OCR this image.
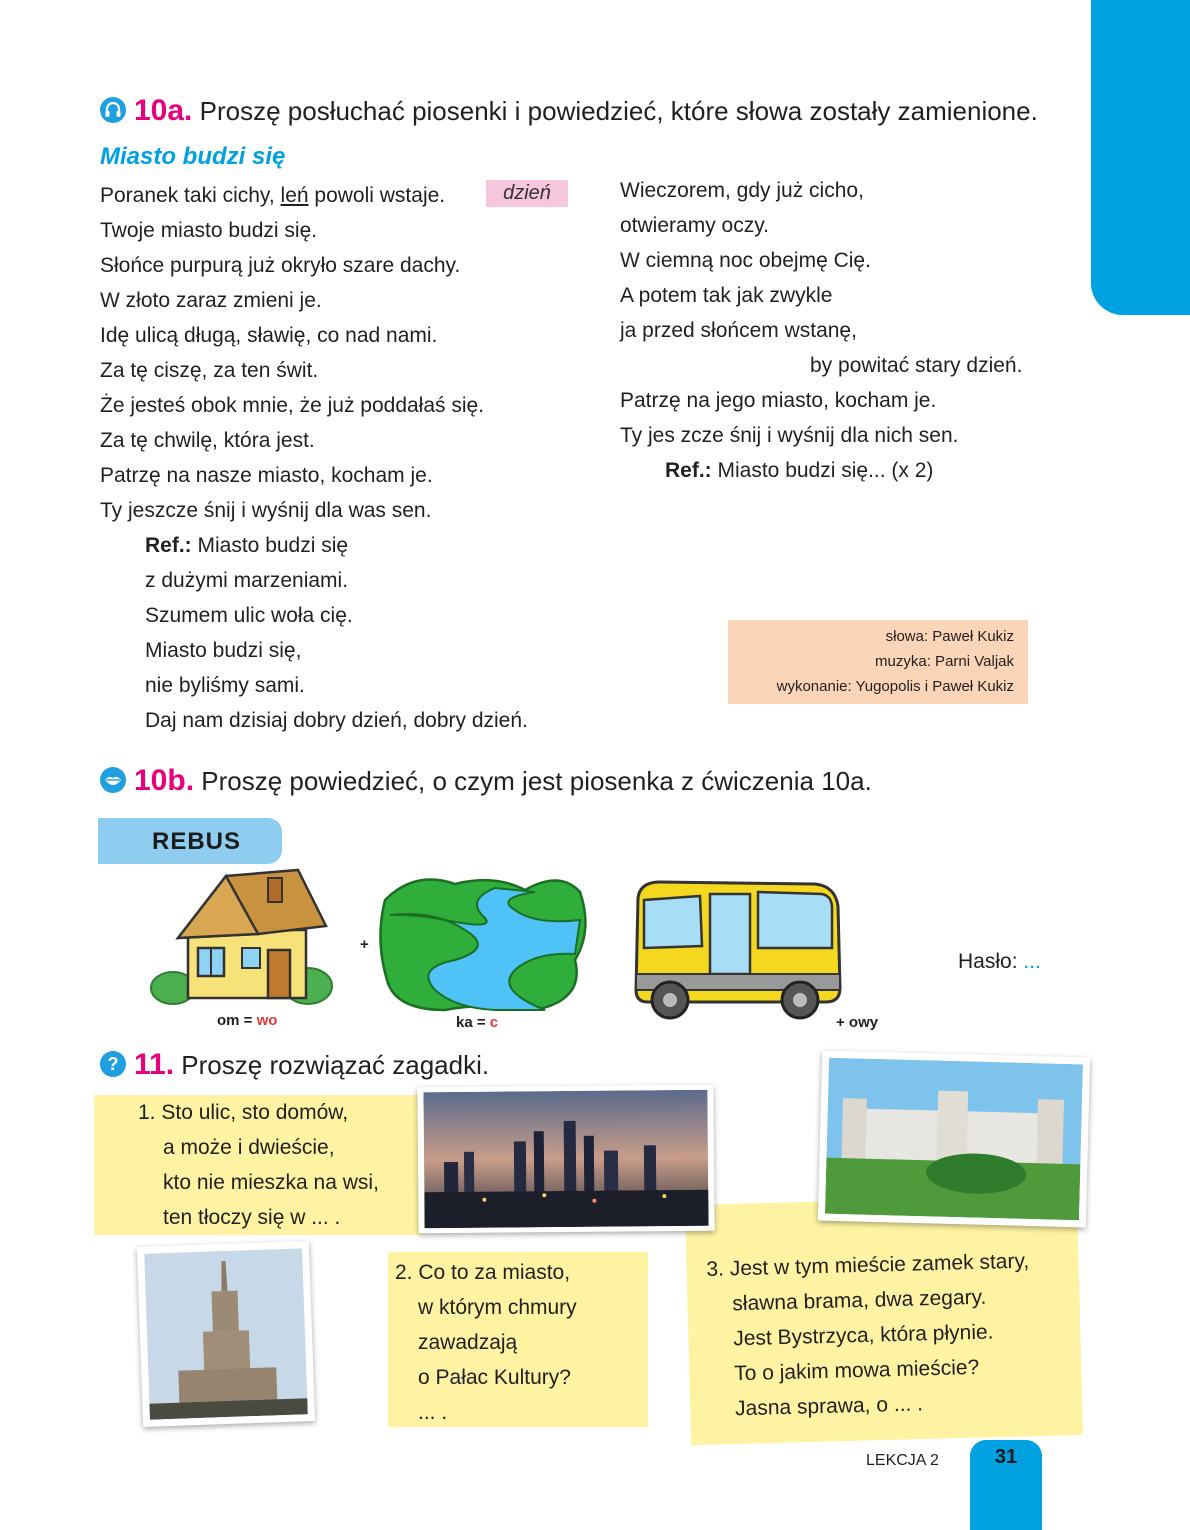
10a. Proszę posłuchać piosenki i powiedzieć, które słowa zostały zamienione.
Miasto budzi się
Poranek taki cichy, leń powoli wstaje.	dzień
Twoje miasto budzi się.
Słońce purpurą już okryło szare dachy.
W złoto zaraz zmieni je.
Idę ulicą długą, sławię, co nad nami.
Za tę ciszę, za ten świt.
Że jesteś obok mnie, że już poddałaś się.
Za tę chwilę, która jest.
Patrzę na nasze miasto, kocham je.
Ty jeszcze śnij i wyśnij dla was sen.
Ref.: Miasto budzi się
z dużymi marzeniami.
Szumem ulic woła cię.
Miasto budzi się,
nie byliśmy sami.
Daj nam dzisiaj dobry dzień, dobry dzień.
Wieczorem, gdy już cicho,
otwieramy oczy.
W ciemną noc obejmę Cię.
A potem tak jak zwykle
ja przed słońcem wstanę,
by powitać stary dzień.
Patrzę na jego miasto, kocham je.
Ty jes zcze śnij i wyśnij dla nich sen.
Ref.: Miasto budzi się... (x 2)
słowa: Paweł Kukiz
muzyka: Parni Valjak
wykonanie: Yugopolis i Paweł Kukiz
10b. Proszę powiedzieć, o czym jest piosenka z ćwiczenia 10a.
REBUS
+
om = wo	ka = c	+ owy
Hasło: ...
? 11. Proszę rozwiązać zagadki.
1. Sto ulic, sto domów,
a może i dwieście,
kto nie mieszka na wsi,
ten tłoczy się w ... .
2. Co to za miasto,
w którym chmury
zawadzają
o Pałac Kultury?
... .
3. Jest w tym mieście zamek stary,
sławna brama, dwa zegary.
Jest Bystrzyca, która płynie.
To o jakim mowa mieście?
Jasna sprawa, o ... .
LEKCJA 2	31
